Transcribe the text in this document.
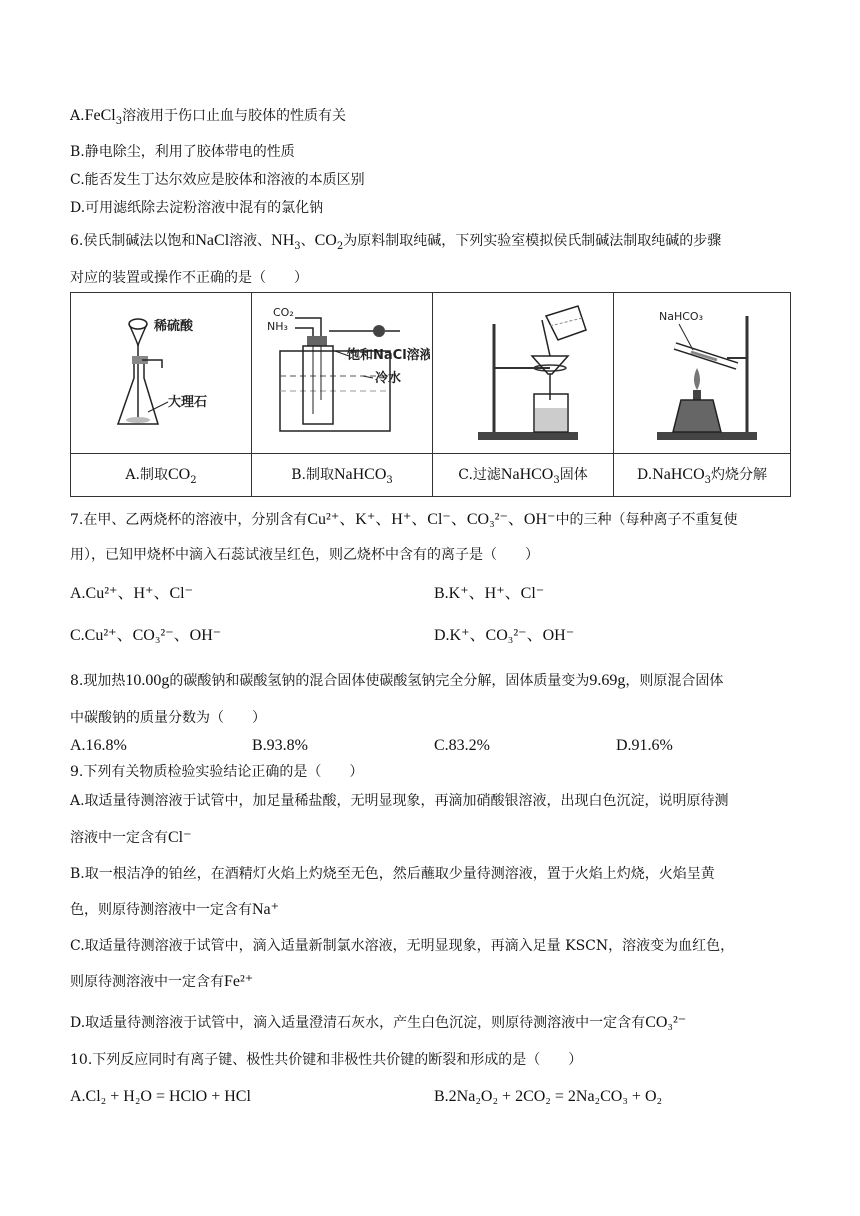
A.FeCl$_3$溶液用于伤口止血与胶体的性质有关
B.静电除尘，利用了胶体带电的性质
C.能否发生丁达尔效应是胶体和溶液的本质区别
D.可用滤纸除去淀粉溶液中混有的氯化钠
6.侯氏制碱法以饱和NaCl溶液、$NH_3$、$CO_2$为原料制取纯碱，下列实验室模拟侯氏制碱法制取纯碱的步骤
对应的装置或操作不正确的是（　　）
稀硫酸
大理石	CO₂
NH₃
饱和NaCl溶液
冷水		NaHCO₃

A.制取$CO_2$	B.制取NaHCO$_3$	C.过滤NaHCO$_3$固体	D.NaHCO$_3$灼烧分解
7.在甲、乙两烧杯的溶液中，分别含有Cu²⁺、K⁺、H⁺、Cl⁻、CO₃²⁻、OH⁻中的三种（每种离子不重复使
用），已知甲烧杯中滴入石蕊试液呈红色，则乙烧杯中含有的离子是（　　）
A.Cu²⁺、H⁺、Cl⁻	B.K⁺、H⁺、Cl⁻
C.Cu²⁺、CO₃²⁻、OH⁻	D.K⁺、CO₃²⁻、OH⁻
8.现加热10.00g的碳酸钠和碳酸氢钠的混合固体使碳酸氢钠完全分解，固体质量变为9.69g，则原混合固体
中碳酸钠的质量分数为（　　）
A.16.8%	B.93.8%	C.83.2%	D.91.6%
9.下列有关物质检验实验结论正确的是（　　）
A.取适量待测溶液于试管中，加足量稀盐酸，无明显现象，再滴加硝酸银溶液，出现白色沉淀，说明原待测
溶液中一定含有Cl⁻
B.取一根洁净的铂丝，在酒精灯火焰上灼烧至无色，然后蘸取少量待测溶液，置于火焰上灼烧，火焰呈黄
色，则原待测溶液中一定含有Na⁺
C.取适量待测溶液于试管中，滴入适量新制氯水溶液，无明显现象，再滴入足量 KSCN，溶液变为血红色，
则原待测溶液中一定含有Fe²⁺
D.取适量待测溶液于试管中，滴入适量澄清石灰水，产生白色沉淀，则原待测溶液中一定含有CO₃²⁻
10.下列反应同时有离子键、极性共价键和非极性共价键的断裂和形成的是（　　）
A.Cl₂ + H₂O = HClO + HCl	B.2Na₂O₂ + 2CO₂ = 2Na₂CO₃ + O₂
